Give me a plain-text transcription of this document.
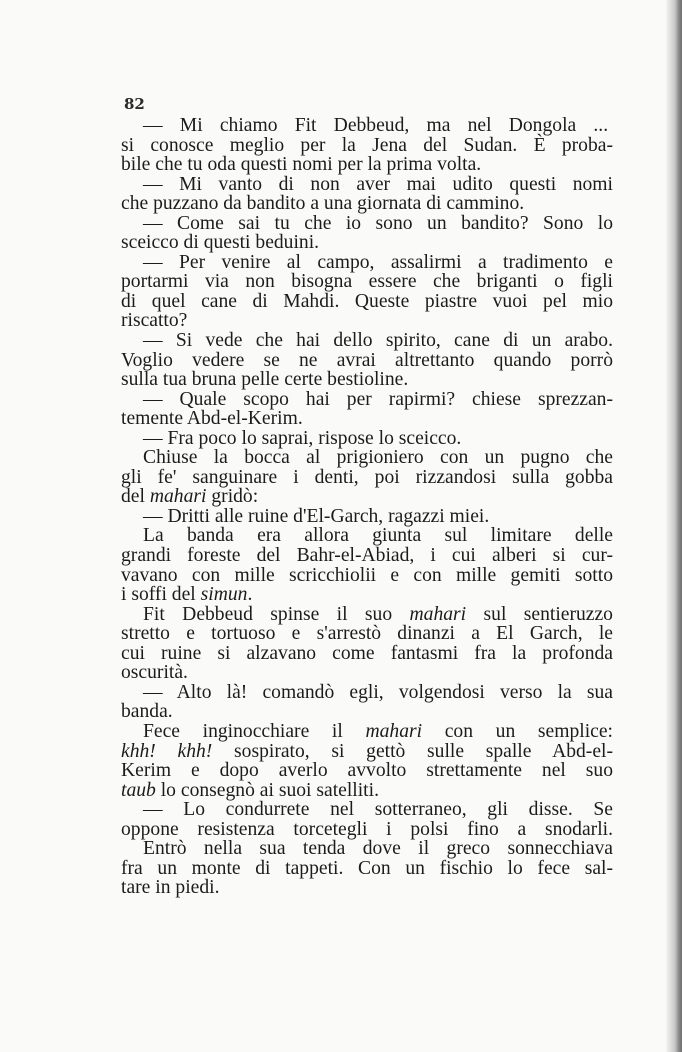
82
— Mi chiamo Fit Debbeud, ma nel Dongola ...
si conosce meglio per la Jena del Sudan. È proba-
bile che tu oda questi nomi per la prima volta.
— Mi vanto di non aver mai udito questi nomi
che puzzano da bandito a una giornata di cammino.
— Come sai tu che io sono un bandito? Sono lo
sceicco di questi beduini.
— Per venire al campo, assalirmi a tradimento e
portarmi via non bisogna essere che briganti o figli
di quel cane di Mahdi. Queste piastre vuoi pel mio
riscatto?
— Si vede che hai dello spirito, cane di un arabo.
Voglio vedere se ne avrai altrettanto quando porrò
sulla tua bruna pelle certe bestioline.
— Quale scopo hai per rapirmi? chiese sprezzan-
temente Abd-el-Kerim.
— Fra poco lo saprai, rispose lo sceicco.
Chiuse la bocca al prigioniero con un pugno che
gli fe' sanguinare i denti, poi rizzandosi sulla gobba
del mahari gridò:
— Dritti alle ruine d'El-Garch, ragazzi miei.
La banda era allora giunta sul limitare delle
grandi foreste del Bahr-el-Abiad, i cui alberi si cur-
vavano con mille scricchiolii e con mille gemiti sotto
i soffi del simun.
Fit Debbeud spinse il suo mahari sul sentieruzzo
stretto e tortuoso e s'arrestò dinanzi a El Garch, le
cui ruine si alzavano come fantasmi fra la profonda
oscurità.
— Alto là! comandò egli, volgendosi verso la sua
banda.
Fece inginocchiare il mahari con un semplice:
khh! khh! sospirato, si gettò sulle spalle Abd-el-
Kerim e dopo averlo avvolto strettamente nel suo
taub lo consegnò ai suoi satelliti.
— Lo condurrete nel sotterraneo, gli disse. Se
oppone resistenza torcetegli i polsi fino a snodarli.
Entrò nella sua tenda dove il greco sonnecchiava
fra un monte di tappeti. Con un fischio lo fece sal-
tare in piedi.
